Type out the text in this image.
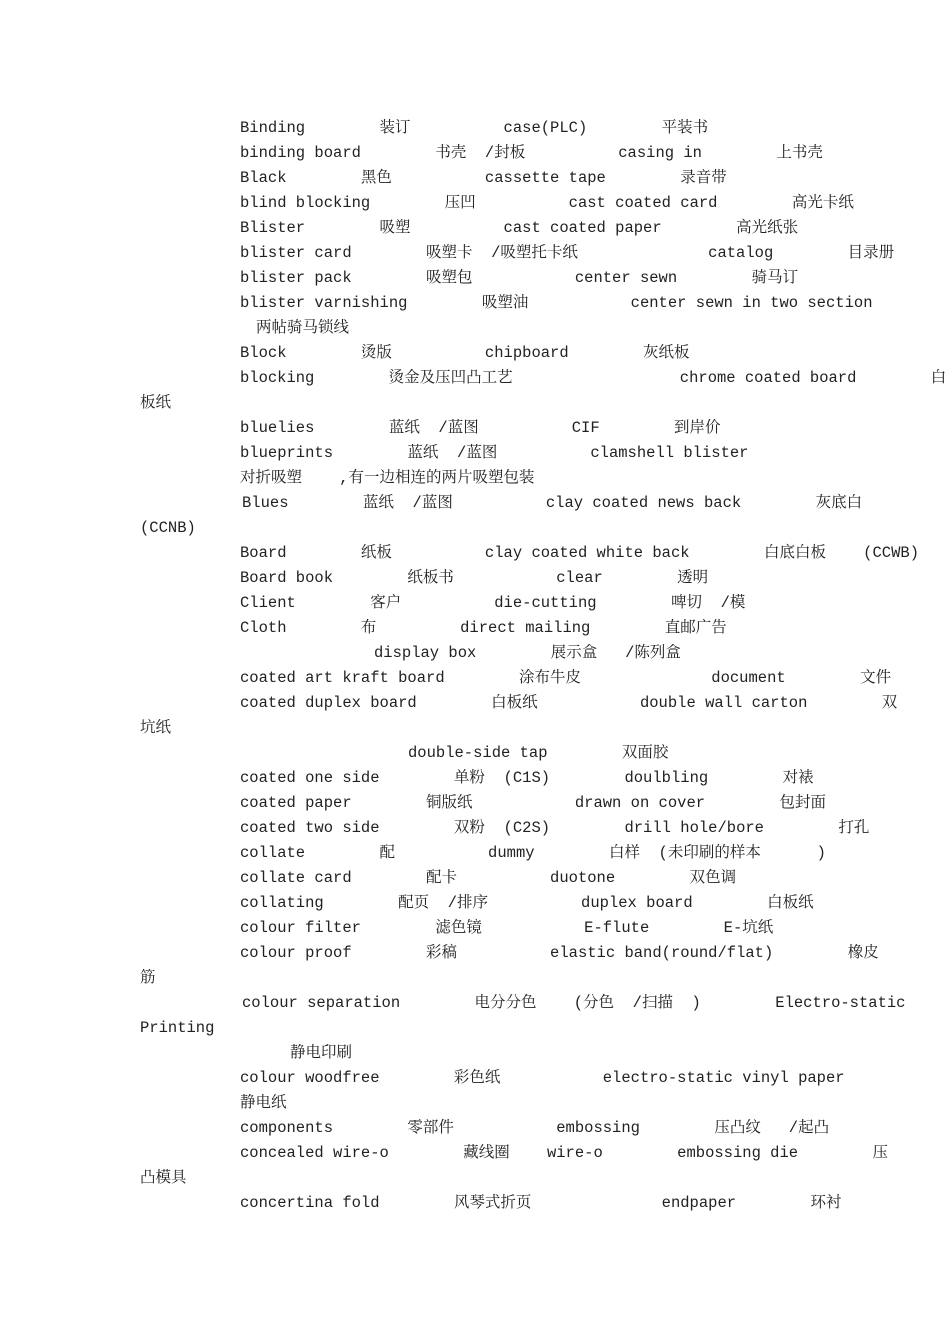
Binding        装订          case(PLC)        平装书
binding board        书壳  /封板          casing in        上书壳
Black        黑色          cassette tape        录音带
blind blocking        压凹          cast coated card        高光卡纸
Blister        吸塑          cast coated paper        高光纸张
blister card        吸塑卡  /吸塑托卡纸              catalog        目录册
blister pack        吸塑包           center sewn        骑马订
blister varnishing        吸塑油           center sewn in two section
两帖骑马锁线
Block        烫版          chipboard        灰纸板
blocking        烫金及压凹凸工艺                  chrome coated board        白
板纸
bluelies        蓝纸  /蓝图          CIF        到岸价
blueprints        蓝纸  /蓝图          clamshell blister
对折吸塑    ,有一边相连的两片吸塑包装
Blues        蓝纸  /蓝图          clay coated news back        灰底白
(CCNB)
Board        纸板          clay coated white back        白底白板    (CCWB)
Board book        纸板书           clear        透明
Client        客户          die-cutting        啤切  /模
Cloth        布         direct mailing        直邮广告
display box        展示盒   /陈列盒
coated art kraft board        涂布牛皮              document        文件
coated duplex board        白板纸           double wall carton        双
坑纸
double-side tap        双面胶
coated one side        单粉  (C1S)        doulbling        对裱
coated paper        铜版纸           drawn on cover        包封面
coated two side        双粉  (C2S)        drill hole/bore        打孔
collate        配          dummy        白样  (未印刷的样本      )
collate card        配卡          duotone        双色调
collating        配页  /排序          duplex board        白板纸
colour filter        滤色镜           E-flute        E-坑纸
colour proof        彩稿          elastic band(round/flat)        橡皮
筋
colour separation        电分分色    (分色  /扫描  )        Electro-static
Printing
静电印刷
colour woodfree        彩色纸           electro-static vinyl paper
静电纸
components        零部件           embossing        压凸纹   /起凸
concealed wire-o        藏线圈    wire-o        embossing die        压
凸模具
concertina fold        风琴式折页              endpaper        环衬
